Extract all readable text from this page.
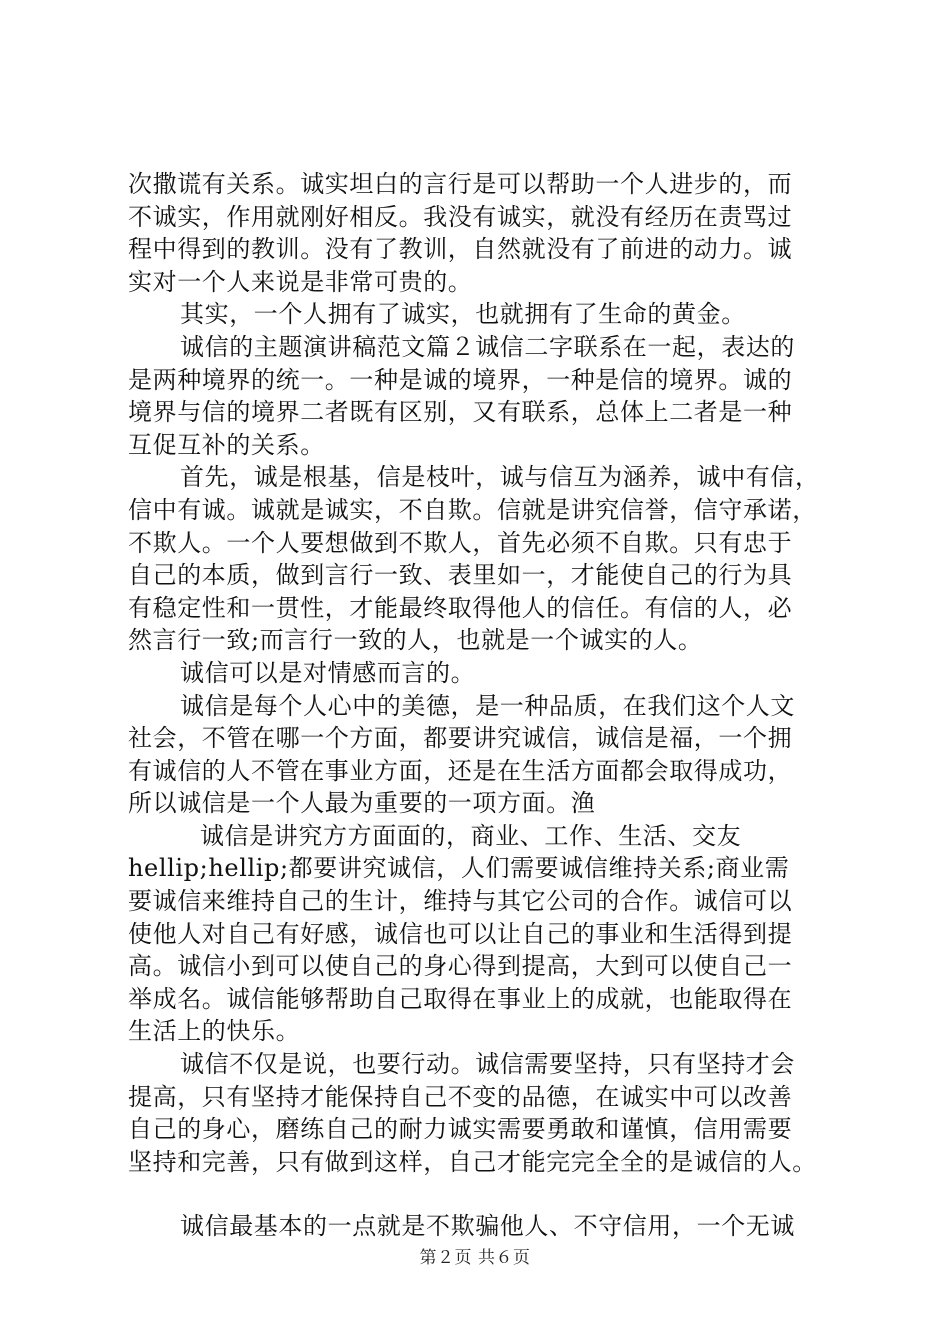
次撒谎有关系。诚实坦白的言行是可以帮助一个人进步的，而
不诚实，作用就刚好相反。我没有诚实，就没有经历在责骂过
程中得到的教训。没有了教训，自然就没有了前进的动力。诚
实对一个人来说是非常可贵的。
其实，一个人拥有了诚实，也就拥有了生命的黄金。
诚信的主题演讲稿范文篇２诚信二字联系在一起，表达的
是两种境界的统一。一种是诚的境界，一种是信的境界。诚的
境界与信的境界二者既有区别，又有联系，总体上二者是一种
互促互补的关系。
首先，诚是根基，信是枝叶，诚与信互为涵养，诚中有信，
信中有诚。诚就是诚实，不自欺。信就是讲究信誉，信守承诺，
不欺人。一个人要想做到不欺人，首先必须不自欺。只有忠于
自己的本质，做到言行一致、表里如一，才能使自己的行为具
有稳定性和一贯性，才能最终取得他人的信任。有信的人，必
然言行一致;而言行一致的人，也就是一个诚实的人。
诚信可以是对情感而言的。
诚信是每个人心中的美德，是一种品质，在我们这个人文
社会，不管在哪一个方面，都要讲究诚信，诚信是福，一个拥
有诚信的人不管在事业方面，还是在生活方面都会取得成功，
所以诚信是一个人最为重要的一项方面。渔
诚信是讲究方方面面的，商业、工作、生活、交友
hellip;hellip;都要讲究诚信，人们需要诚信维持关系;商业需
要诚信来维持自己的生计，维持与其它公司的合作。诚信可以
使他人对自己有好感，诚信也可以让自己的事业和生活得到提
高。诚信小到可以使自己的身心得到提高，大到可以使自己一
举成名。诚信能够帮助自己取得在事业上的成就，也能取得在
生活上的快乐。
诚信不仅是说，也要行动。诚信需要坚持，只有坚持才会
提高，只有坚持才能保持自己不变的品德，在诚实中可以改善
自己的身心，磨练自己的耐力诚实需要勇敢和谨慎，信用需要
坚持和完善，只有做到这样，自己才能完完全全的是诚信的人。
诚信最基本的一点就是不欺骗他人、不守信用，一个无诚
第２页 共６页
